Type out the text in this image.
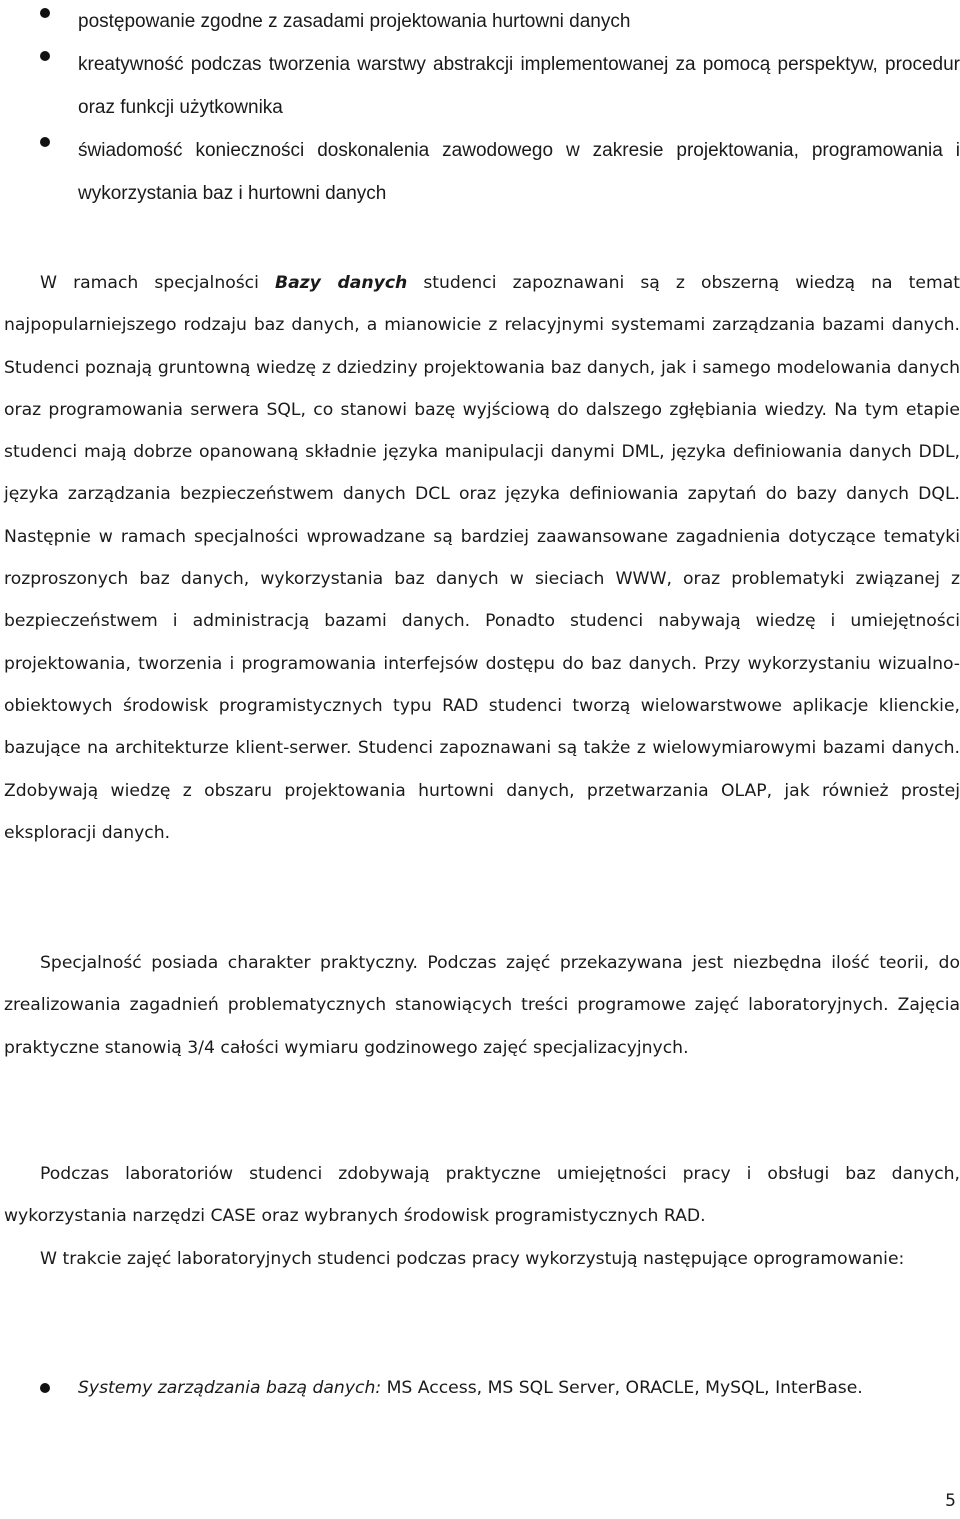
postępowanie zgodne z zasadami projektowania hurtowni danych
kreatywność podczas tworzenia warstwy abstrakcji implementowanej za pomocą perspektyw, procedur oraz funkcji użytkownika
świadomość konieczności doskonalenia zawodowego w zakresie projektowania, programowania i wykorzystania baz i hurtowni danych

W ramach specjalności Bazy danych studenci zapoznawani są z obszerną wiedzą na temat najpopularniejszego rodzaju baz danych, a mianowicie z relacyjnymi systemami zarządzania bazami danych. Studenci poznają gruntowną wiedzę z dziedziny projektowania baz danych, jak i samego modelowania danych oraz programowania serwera SQL, co stanowi bazę wyjściową do dalszego zgłębiania wiedzy. Na tym etapie studenci mają dobrze opanowaną składnie języka manipulacji danymi DML, języka definiowania danych DDL, języka zarządzania bezpieczeństwem danych DCL oraz języka definiowania zapytań do bazy danych DQL. Następnie w ramach specjalności wprowadzane są bardziej zaawansowane zagadnienia dotyczące tematyki rozproszonych baz danych, wykorzystania baz danych w sieciach WWW, oraz problematyki związanej z bezpieczeństwem i administracją bazami danych. Ponadto studenci nabywają wiedzę i umiejętności projektowania, tworzenia i programowania interfejsów dostępu do baz danych. Przy wykorzystaniu wizualno-obiektowych środowisk programistycznych typu RAD studenci tworzą wielowarstwowe aplikacje klienckie, bazujące na architekturze klient-serwer. Studenci zapoznawani są także z wielowymiarowymi bazami danych. Zdobywają wiedzę z obszaru projektowania hurtowni danych, przetwarzania OLAP, jak również prostej eksploracji danych.

Specjalność posiada charakter praktyczny. Podczas zajęć przekazywana jest niezbędna ilość teorii, do zrealizowania zagadnień problematycznych stanowiących treści programowe zajęć laboratoryjnych. Zajęcia praktyczne stanowią 3/4 całości wymiaru godzinowego zajęć specjalizacyjnych.

Podczas laboratoriów studenci zdobywają praktyczne umiejętności pracy i obsługi baz danych, wykorzystania narzędzi CASE oraz wybranych środowisk programistycznych RAD.

W trakcie zajęć laboratoryjnych studenci podczas pracy wykorzystują następujące oprogramowanie:

Systemy zarządzania bazą danych: MS Access, MS SQL Server, ORACLE, MySQL, InterBase.
5
